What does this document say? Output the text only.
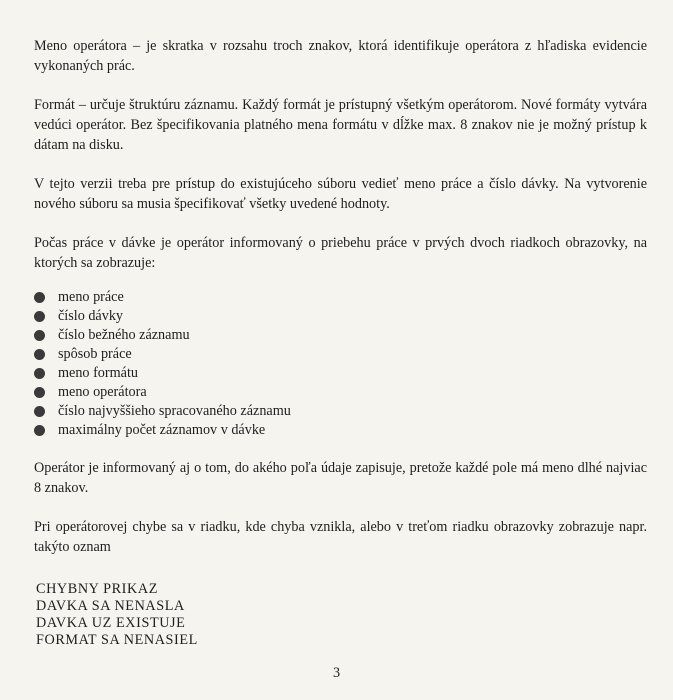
Meno operátora – je skratka v rozsahu troch znakov, ktorá identifikuje operátora z hľadiska evidencie vykonaných prác.

Formát – určuje štruktúru záznamu. Každý formát je prístupný všetkým operátorom. Nové formáty vytvára vedúci operátor. Bez špecifikovania platného mena formátu v dĺžke max. 8 znakov nie je možný prístup k dátam na disku.

V tejto verzii treba pre prístup do existujúceho súboru vedieť meno práce a číslo dávky. Na vytvorenie nového súboru sa musia špecifikovať všetky uvedené hodnoty.

Počas práce v dávke je operátor informovaný o priebehu práce v prvých dvoch riadkoch obrazovky, na ktorých sa zobrazuje:

meno práce
číslo dávky
číslo bežného záznamu
spôsob práce
meno formátu
meno operátora
číslo najvyššieho spracovaného záznamu
maximálny počet záznamov v dávke

Operátor je informovaný aj o tom, do akého poľa údaje zapisuje, pretože každé pole má meno dlhé najviac 8 znakov.

Pri operátorovej chybe sa v riadku, kde chyba vznikla, alebo v treťom riadku obrazovky zobrazuje napr. takýto oznam

CHYBNY PRIKAZ
DAVKA SA NENASLA
DAVKA UZ EXISTUJE
FORMAT SA NENASIEL
3
